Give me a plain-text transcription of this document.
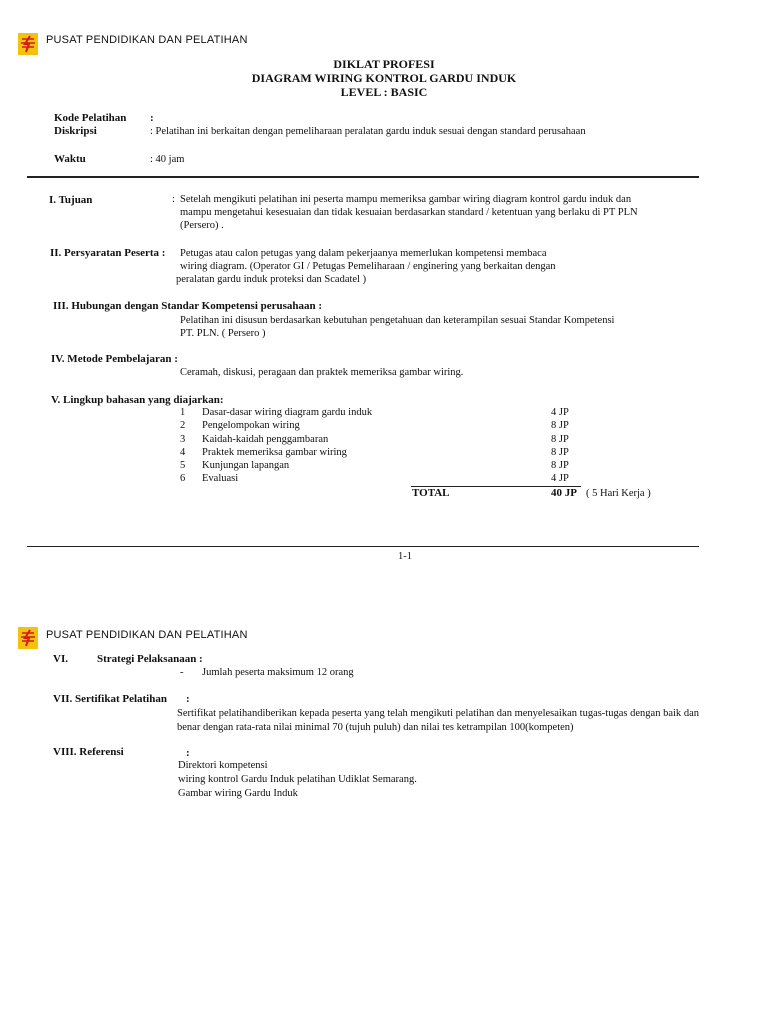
PUSAT PENDIDIKAN DAN PELATIHAN
DIKLAT PROFESI
DIAGRAM WIRING KONTROL GARDU INDUK
LEVEL : BASIC
Kode Pelatihan :
Diskripsi	: Pelatihan ini berkaitan dengan pemeliharaan peralatan gardu induk sesuai dengan standard perusahaan
Waktu	: 40 jam
I. Tujuan	: Setelah mengikuti pelatihan ini peserta mampu memeriksa gambar wiring diagram kontrol gardu induk dan
mampu mengetahui kesesuaian dan tidak kesuaian berdasarkan standard / ketentuan yang berlaku di PT PLN
(Persero) .
II. Persyaratan Peserta : Petugas atau calon petugas yang dalam pekerjaanya memerlukan kompetensi membaca
wiring diagram. (Operator GI / Petugas Pemeliharaan / enginering yang berkaitan dengan
peralatan gardu induk proteksi dan Scadatel )
III. Hubungan dengan Standar Kompetensi perusahaan :
Pelatihan ini disusun berdasarkan kebutuhan pengetahuan dan keterampilan sesuai Standar Kompetensi
PT. PLN. ( Persero )
IV. Metode Pembelajaran :
Ceramah, diskusi, peragaan dan praktek memeriksa gambar wiring.
V. Lingkup bahasan yang diajarkan:
1 Dasar-dasar wiring diagram gardu induk	4 JP
2 Pengelompokan wiring	8 JP
3 Kaidah-kaidah penggambaran	8 JP
4 Praktek memeriksa gambar wiring	8 JP
5 Kunjungan lapangan	8 JP
6 Evaluasi	4 JP
TOTAL	40 JP ( 5 Hari Kerja )
1-1
PUSAT PENDIDIKAN DAN PELATIHAN
VI.	Strategi Pelaksanaan :
- Jumlah peserta maksimum 12 orang
VII. Sertifikat Pelatihan :
Sertifikat pelatihandiberikan kepada peserta yang telah mengikuti pelatihan dan menyelesaikan tugas-tugas dengan baik dan benar dengan rata-rata nilai minimal 70 (tujuh puluh) dan nilai tes ketrampilan 100(kompeten)
VIII. Referensi	:
Direktori kompetensi
wiring kontrol Gardu Induk pelatihan Udiklat Semarang.
Gambar wiring Gardu Induk
